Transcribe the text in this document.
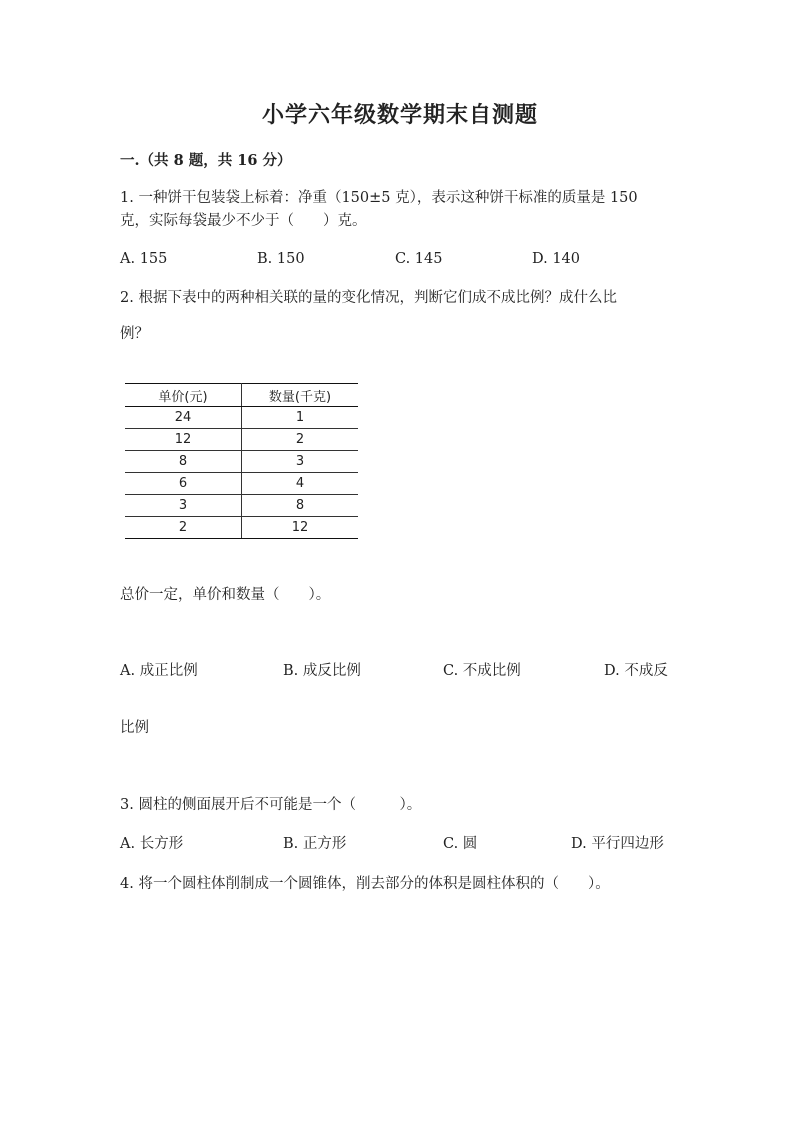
小学六年级数学期末自测题
一.（共 8 题，共 16 分）
1. 一种饼干包装袋上标着：净重（150±5 克），表示这种饼干标准的质量是 150
克，实际每袋最少不少于（　　）克。
A. 155	B. 150	C. 145	D. 140
2. 根据下表中的两种相关联的量的变化情况，判断它们成不成比例？成什么比
例？
单价(元)	数量(千克)
24	1
12	2
8	3
6	4
3	8
2	12
总价一定，单价和数量（　　）。
A. 成正比例	B. 成反比例	C. 不成比例	D. 不成反
比例
3. 圆柱的侧面展开后不可能是一个（　　　）。
A. 长方形	B. 正方形	C. 圆	D. 平行四边形
4. 将一个圆柱体削制成一个圆锥体，削去部分的体积是圆柱体积的（　　）。
